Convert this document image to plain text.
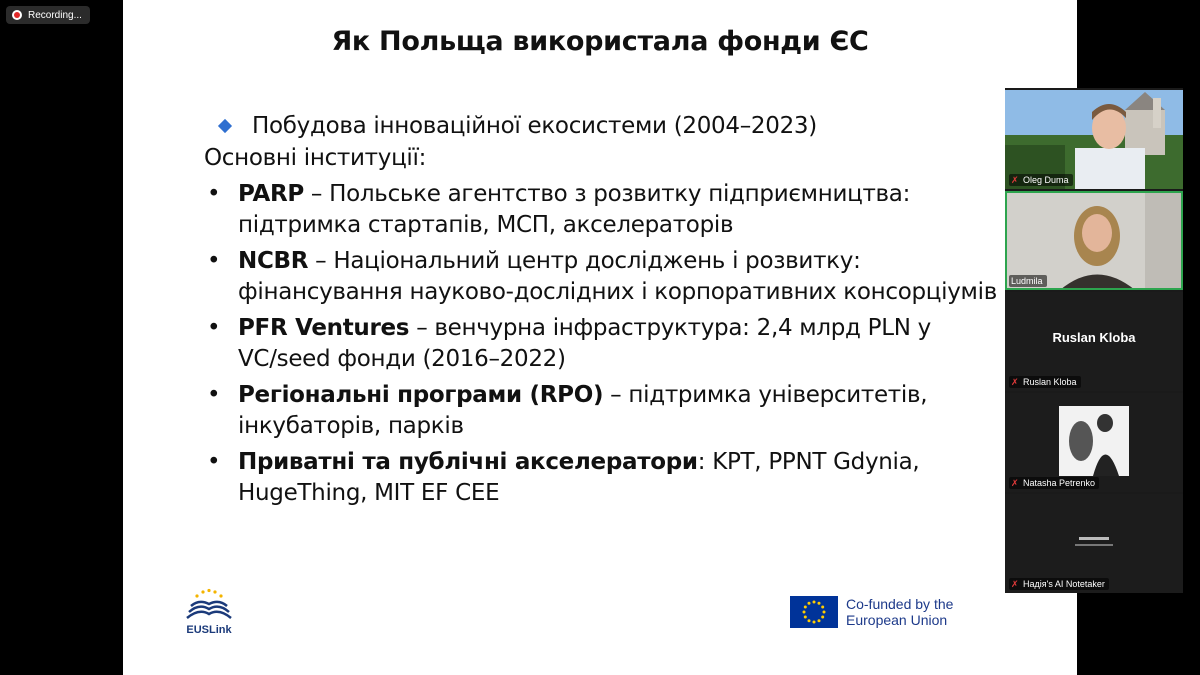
Recording...
Як Польща використала фонди ЄС
Побудова інноваційної екосистеми (2004–2023)
Основні інституції:
• PARP – Польське агентство з розвитку підприємництва: підтримка стартапів, МСП, акселераторів
• NCBR – Національний центр досліджень і розвитку: фінансування науково-дослідних і корпоративних консорціумів
• PFR Ventures – венчурна інфраструктура: 2,4 млрд PLN у VC/seed фонди (2016–2022)
• Регіональні програми (RPO) – підтримка університетів, інкубаторів, парків
• Приватні та публічні акселератори: KPT, PPNT Gdynia, HugeThing, MIT EF CEE
EUSLink
Co-funded by the
European Union
✗ Oleg Duma
Ludmila
Ruslan Kloba
✗ Ruslan Kloba
✗ Natasha Petrenko
✗ Надія's AI Notetaker
